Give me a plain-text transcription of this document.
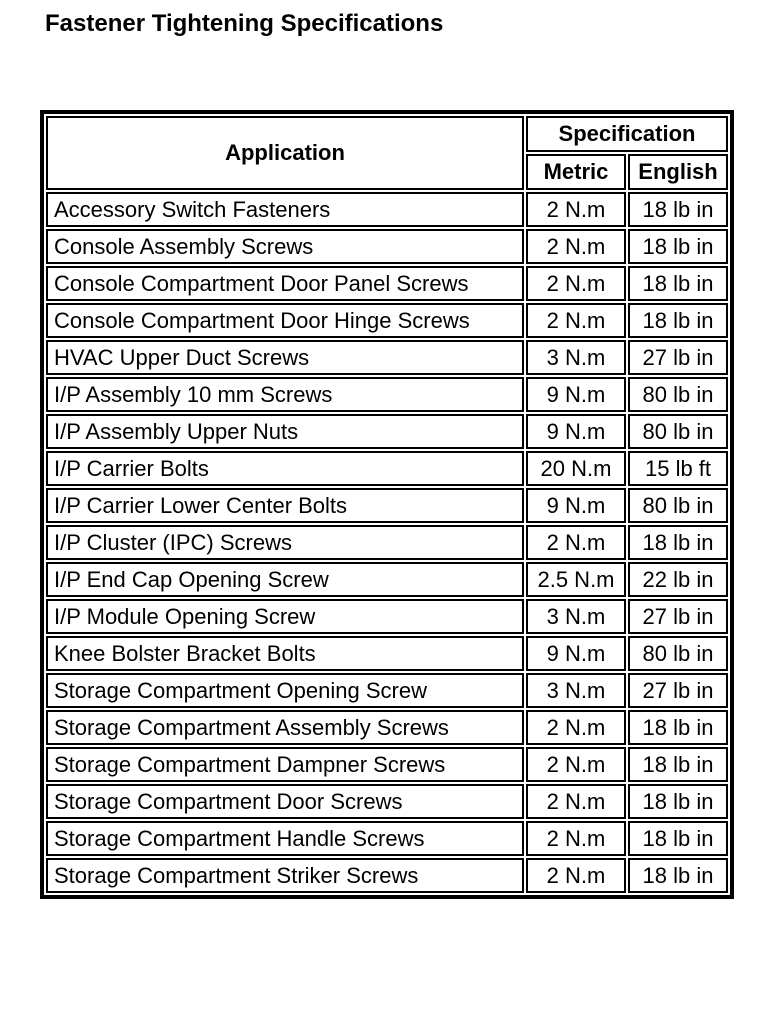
Fastener Tightening Specifications
Application	Specification	
	Metric	English
Accessory Switch Fasteners	2 N.m	18 lb in
Console Assembly Screws	2 N.m	18 lb in
Console Compartment Door Panel Screws	2 N.m	18 lb in
Console Compartment Door Hinge Screws	2 N.m	18 lb in
HVAC Upper Duct Screws	3 N.m	27 lb in
I/P Assembly 10 mm Screws	9 N.m	80 lb in
I/P Assembly Upper Nuts	9 N.m	80 lb in
I/P Carrier Bolts	20 N.m	15 lb ft
I/P Carrier Lower Center Bolts	9 N.m	80 lb in
I/P Cluster (IPC) Screws	2 N.m	18 lb in
I/P End Cap Opening Screw	2.5 N.m	22 lb in
I/P Module Opening Screw	3 N.m	27 lb in
Knee Bolster Bracket Bolts	9 N.m	80 lb in
Storage Compartment Opening Screw	3 N.m	27 lb in
Storage Compartment Assembly Screws	2 N.m	18 lb in
Storage Compartment Dampner Screws	2 N.m	18 lb in
Storage Compartment Door Screws	2 N.m	18 lb in
Storage Compartment Handle Screws	2 N.m	18 lb in
Storage Compartment Striker Screws	2 N.m	18 lb in
